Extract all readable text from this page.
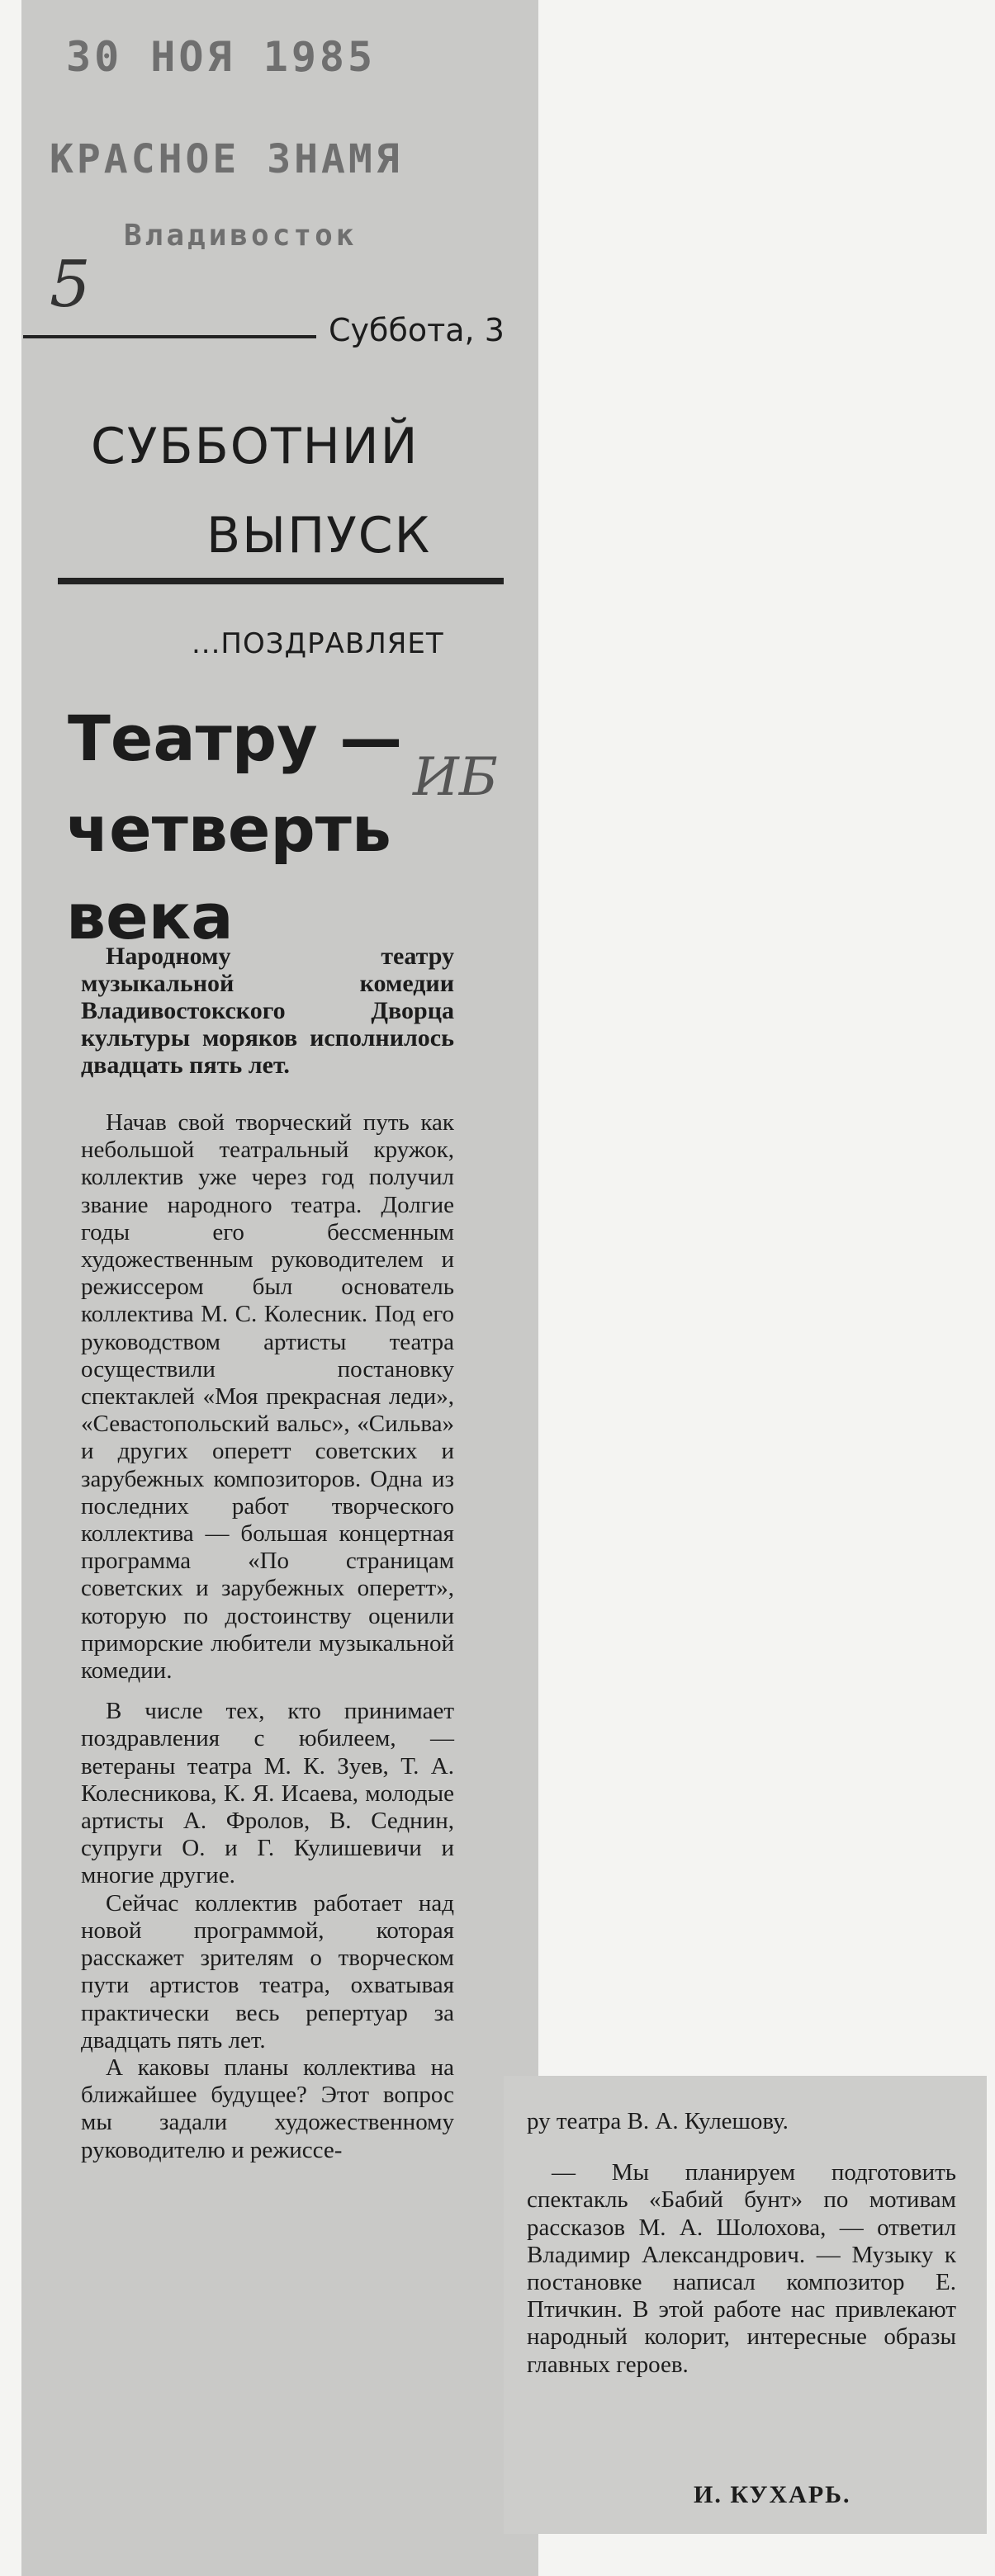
30 НОЯ 1985
КРАСНОЕ ЗНАМЯ
Владивосток
5
Суббота, 3
СУББОТНИЙ
ВЫПУСК
...ПОЗДРАВЛЯЕТ
Театру —
четверть
века
ИБ

Народному театру музыкальной комедии Владивостокского Дворца культуры моряков исполнилось двадцать пять лет.

Начав свой творческий путь как небольшой театральный кружок, коллектив уже через год получил звание народного театра. Долгие годы его бессменным художественным руководителем и режиссером был основатель коллектива М. С. Колесник. Под его руководством артисты театра осуществили постановку спектаклей «Моя прекрасная леди», «Севастопольский вальс», «Сильва» и других оперетт советских и зарубежных композиторов. Одна из последних работ творческого коллектива — большая концертная программа «По страницам советских и зарубежных оперетт», которую по достоинству оценили приморские любители музыкальной комедии.

В числе тех, кто принимает поздравления с юбилеем, — ветераны театра М. К. Зуев, Т. А. Колесникова, К. Я. Исаева, молодые артисты А. Фролов, В. Седнин, супруги О. и Г. Кулишевичи и многие другие.

Сейчас коллектив работает над новой программой, которая расскажет зрителям о творческом пути артистов театра, охватывая практически весь репертуар за двадцать пять лет.

А каковы планы коллектива на ближайшее будущее? Этот вопрос мы задали художественному руководителю и режиссе-

ру театра В. А. Кулешову.

— Мы планируем подготовить спектакль «Бабий бунт» по мотивам рассказов М. А. Шолохова, — ответил Владимир Александрович. — Музыку к постановке написал композитор Е. Птичкин. В этой работе нас привлекают народный колорит, интересные образы главных героев.

И. КУХАРЬ.
